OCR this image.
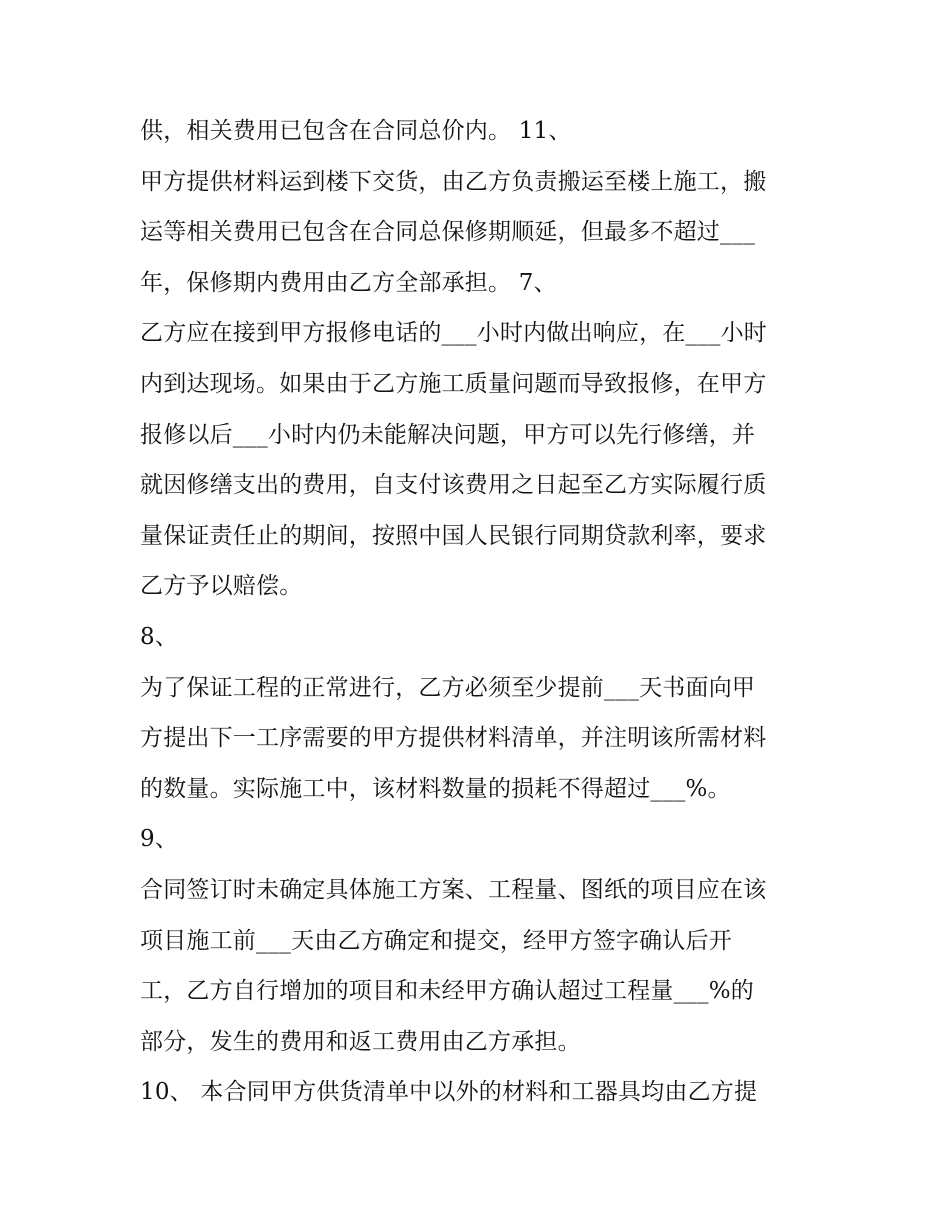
供，相关费用已包含在合同总价内。 11、
甲方提供材料运到楼下交货，由乙方负责搬运至楼上施工，搬
运等相关费用已包含在合同总保修期顺延，但最多不超过___
年，保修期内费用由乙方全部承担。 7、
乙方应在接到甲方报修电话的___小时内做出响应，在___小时
内到达现场。如果由于乙方施工质量问题而导致报修，在甲方
报修以后___小时内仍未能解决问题，甲方可以先行修缮，并
就因修缮支出的费用，自支付该费用之日起至乙方实际履行质
量保证责任止的期间，按照中国人民银行同期贷款利率，要求
乙方予以赔偿。
8、
为了保证工程的正常进行，乙方必须至少提前___天书面向甲
方提出下一工序需要的甲方提供材料清单，并注明该所需材料
的数量。实际施工中，该材料数量的损耗不得超过___%。
9、
合同签订时未确定具体施工方案、工程量、图纸的项目应在该
项目施工前___天由乙方确定和提交，经甲方签字确认后开
工，乙方自行增加的项目和未经甲方确认超过工程量___%的
部分，发生的费用和返工费用由乙方承担。
10、 本合同甲方供货清单中以外的材料和工器具均由乙方提
